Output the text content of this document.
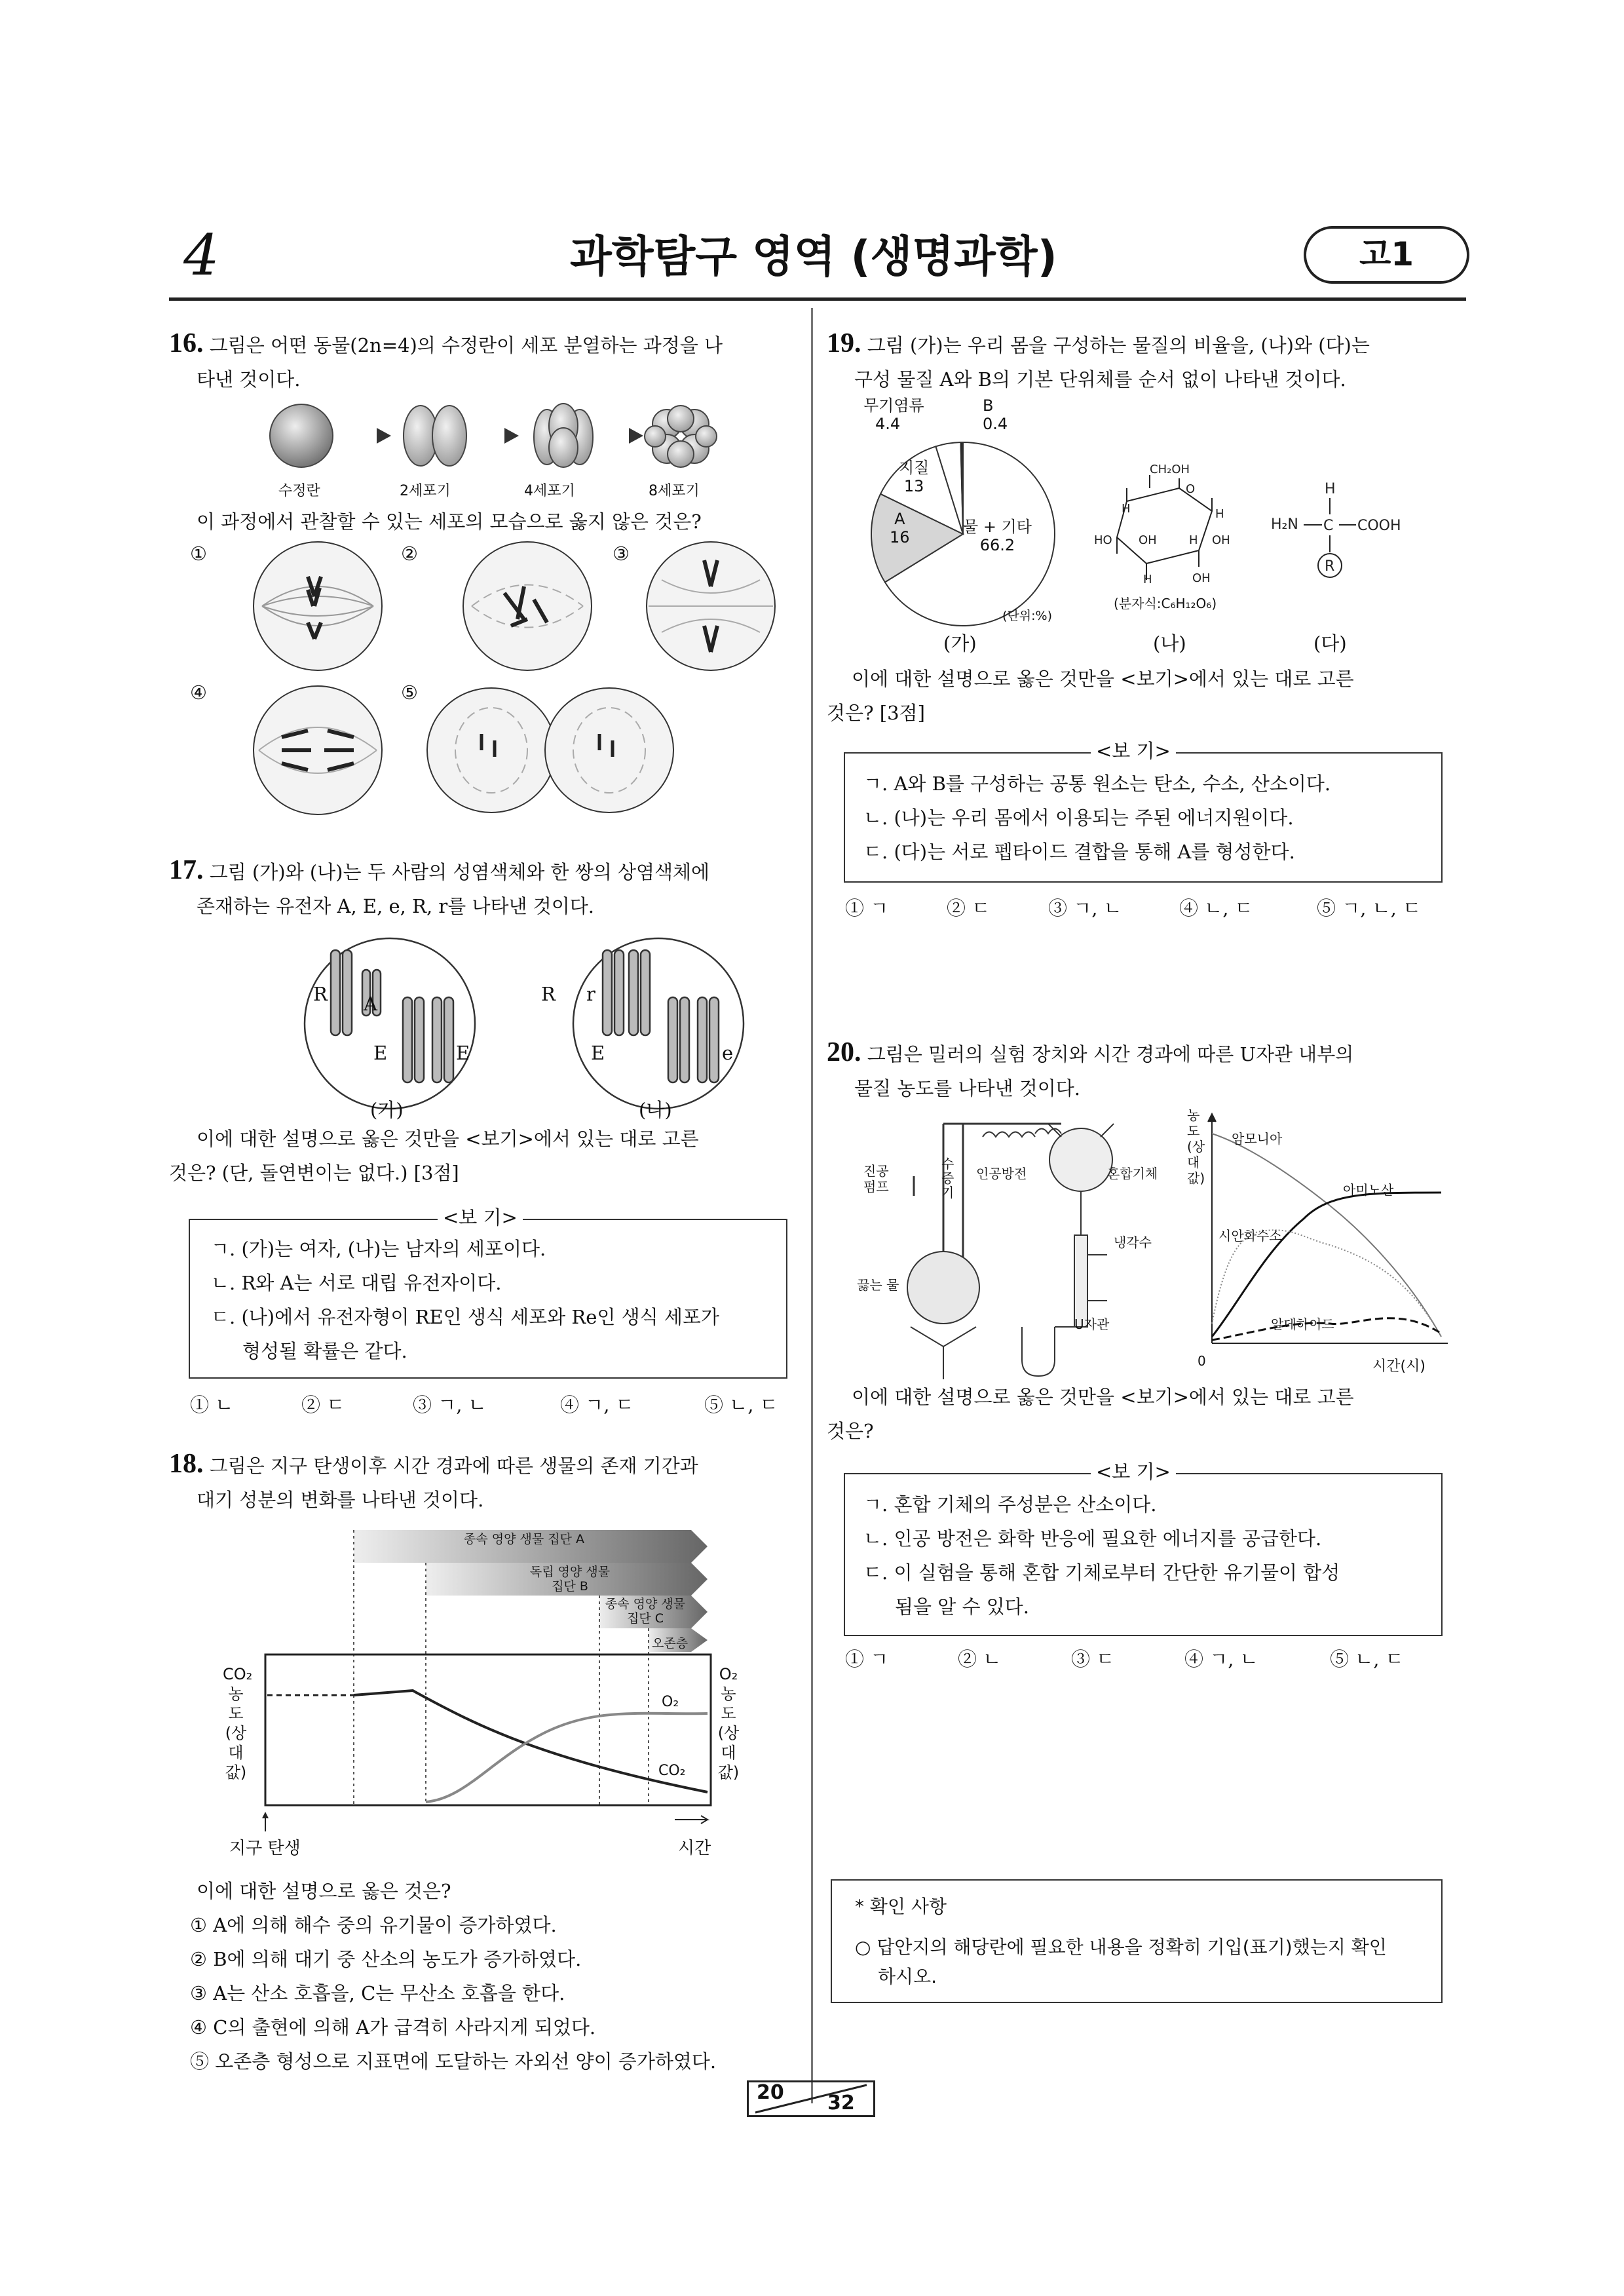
4	과학탐구 영역 (생명과학)	고1
16. 그림은 어떤 동물(2n=4)의 수정란이 세포 분열하는 과정을 나
타낸 것이다.
수정란	2세포기	4세포기	8세포기
이 과정에서 관찰할 수 있는 세포의 모습으로 옳지 않은 것은?
①	②	③
④	⑤
17. 그림 (가)와 (나)는 두 사람의 성염색체와 한 쌍의 상염색체에
존재하는 유전자 A, E, e, R, r를 나타낸 것이다.
R A
E	E
R r
E	e
(가)	(나)
이에 대한 설명으로 옳은 것만을 <보기>에서 있는 대로 고른
것은? (단, 돌연변이는 없다.) [3점]
<보 기>
ㄱ. (가)는 여자, (나)는 남자의 세포이다.
ㄴ. R와 A는 서로 대립 유전자이다.
ㄷ. (나)에서 유전자형이 RE인 생식 세포와 Re인 생식 세포가
형성될 확률은 같다.
① ㄴ	② ㄷ	③ ㄱ, ㄴ	④ ㄱ, ㄷ	⑤ ㄴ, ㄷ
18. 그림은 지구 탄생이후 시간 경과에 따른 생물의 존재 기간과
대기 성분의 변화를 나타낸 것이다.
종속 영양 생물 집단 A
독립 영양 생물 집단 B
종속 영양 생물 집단 C
오존층
CO₂ 농도(상대값)
O₂ 농도(상대값)
O₂
CO₂
지구 탄생	시간
이에 대한 설명으로 옳은 것은?
① A에 의해 해수 중의 유기물이 증가하였다.
② B에 의해 대기 중 산소의 농도가 증가하였다.
③ A는 산소 호흡을, C는 무산소 호흡을 한다.
④ C의 출현에 의해 A가 급격히 사라지게 되었다.
⑤ 오존층 형성으로 지표면에 도달하는 자외선 양이 증가하였다.
19. 그림 (가)는 우리 몸을 구성하는 물질의 비율을, (나)와 (다)는
구성 물질 A와 B의 기본 단위체를 순서 없이 나타낸 것이다.
무기염류
4.4
B
0.4
지질
13
A
16
물 + 기타
66.2
(단위:%)
CH₂OH
O
H
HO OH	H OH
H	OH
H
(분자식:C₆H₁₂O₆)
H
H₂N C COOH
R
(가)	(나)	(다)
이에 대한 설명으로 옳은 것만을 <보기>에서 있는 대로 고른
것은? [3점]
<보 기>
ㄱ. A와 B를 구성하는 공통 원소는 탄소, 수소, 산소이다.
ㄴ. (나)는 우리 몸에서 이용되는 주된 에너지원이다.
ㄷ. (다)는 서로 펩타이드 결합을 통해 A를 형성한다.
① ㄱ	② ㄷ	③ ㄱ, ㄴ	④ ㄴ, ㄷ	⑤ ㄱ, ㄴ, ㄷ
20. 그림은 밀러의 실험 장치와 시간 경과에 따른 U자관 내부의
물질 농도를 나타낸 것이다.
진공 펌프
수증기
인공방전	혼합기체
냉각수
끓는 물
U자관
농도(상대값)
암모니아
아미노산
시안화수소
알데하이드
0	시간(시)
이에 대한 설명으로 옳은 것만을 <보기>에서 있는 대로 고른
것은?
<보 기>
ㄱ. 혼합 기체의 주성분은 산소이다.
ㄴ. 인공 방전은 화학 반응에 필요한 에너지를 공급한다.
ㄷ. 이 실험을 통해 혼합 기체로부터 간단한 유기물이 합성
됨을 알 수 있다.
① ㄱ	② ㄴ	③ ㄷ	④ ㄱ, ㄴ	⑤ ㄴ, ㄷ
* 확인 사항
○ 답안지의 해당란에 필요한 내용을 정확히 기입(표기)했는지 확인
하시오.
20 32
